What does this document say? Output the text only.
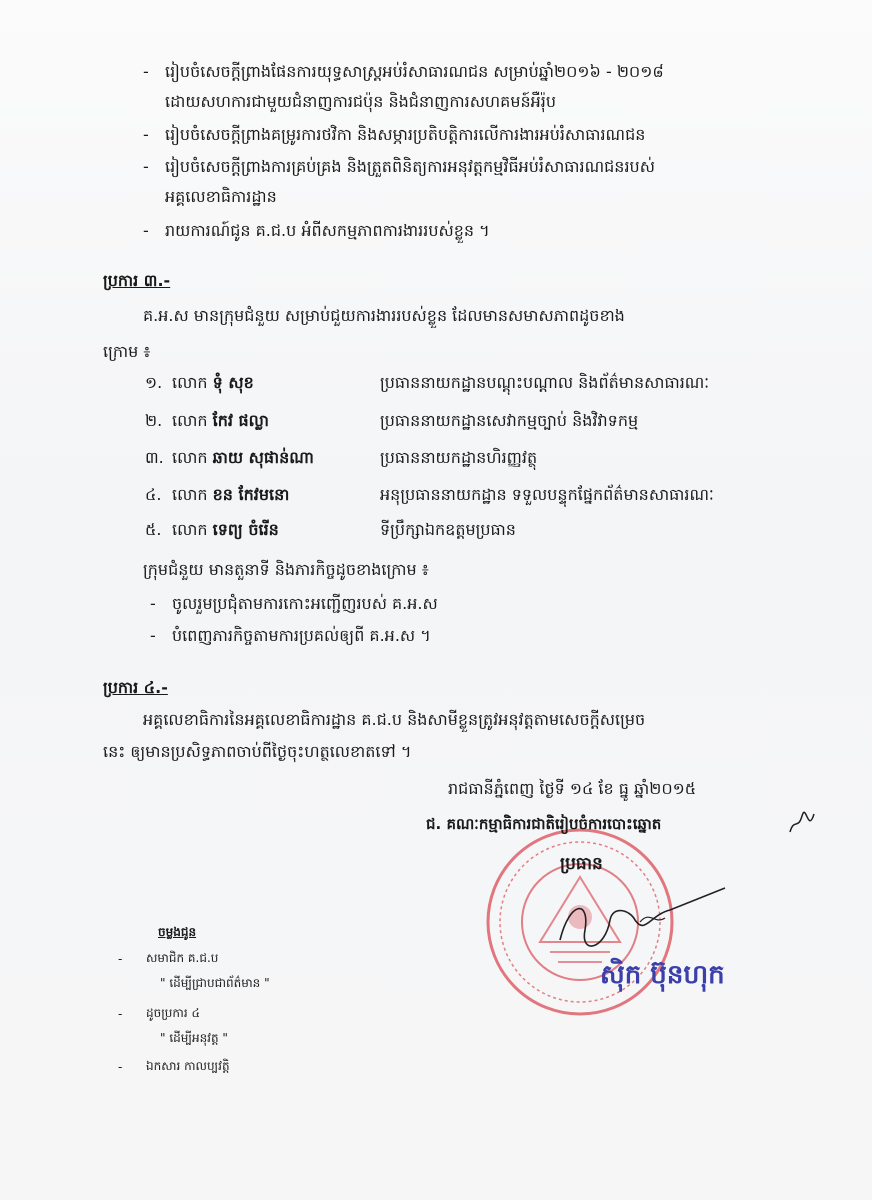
- រៀបចំសេចក្ដីព្រាងផែនការយុទ្ធសាស្ត្រអប់រំសាធារណជន សម្រាប់ឆ្នាំ២០១៦ - ២០១៨
ដោយសហការជាមួយជំនាញការជប៉ុន និងជំនាញការសហគមន៍អឺរ៉ុប
- រៀបចំសេចក្ដីព្រាងគម្រូរការថវិកា និងសម្ភារប្រតិបត្តិការលើការងារអប់រំសាធារណជន
- រៀបចំសេចក្ដីព្រាងការគ្រប់គ្រង និងត្រួតពិនិត្យការអនុវត្តកម្មវិធីអប់រំសាធារណជនរបស់
អគ្គលេខាធិការដ្ឋាន
- រាយការណ៍ជូន គ.ជ.ប អំពីសកម្មភាពការងាររបស់ខ្លួន ។
ប្រការ ៣.-
គ.អ.ស មានក្រុមជំនួយ សម្រាប់ជួយការងាររបស់ខ្លួន ដែលមានសមាសភាពដូចខាង
ក្រោម ៖
១. លោក ទុំ សុខ	ប្រធាននាយកដ្ឋានបណ្ដុះបណ្ដាល និងព័ត៌មានសាធារណៈ
២. លោក កែវ ផល្លា	ប្រធាននាយកដ្ឋានសេវាកម្មច្បាប់ និងវិវាទកម្ម
៣. លោក ឆាយ សុផាន់ណា	ប្រធាននាយកដ្ឋានហិរញ្ញវត្ថុ
៤. លោក ខន កែវមនោ	អនុប្រធាននាយកដ្ឋាន ទទួលបន្ទុកផ្នែកព័ត៌មានសាធារណៈ
៥. លោក ទេព្យ ចំរើន	ទីប្រឹក្សាឯកឧត្ដមប្រធាន
ក្រុមជំនួយ មានតួនាទី និងភារកិច្ចដូចខាងក្រោម ៖
- ចូលរួមប្រជុំតាមការកោះអញ្ជើញរបស់ គ.អ.ស
- បំពេញភារកិច្ចតាមការប្រគល់ឲ្យពី គ.អ.ស ។
ប្រការ ៤.-
អគ្គលេខាធិការនៃអគ្គលេខាធិការដ្ឋាន គ.ជ.ប និងសាមីខ្លួនត្រូវអនុវត្តតាមសេចក្ដីសម្រេច
នេះ ឲ្យមានប្រសិទ្ធភាពចាប់ពីថ្ងៃចុះហត្ថលេខាតទៅ ។
រាជធានីភ្នំពេញ ថ្ងៃទី ១៤ ខែ ធ្នូ ឆ្នាំ២០១៥
ជ. គណៈកម្មាធិការជាតិរៀបចំការបោះឆ្នោត
ប្រធាន
ស៊ិក ប៊ុនហុក
ចម្លងជូន
- សមាជិក គ.ជ.ប
" ដើម្បីជ្រាបជាព័ត៌មាន "
- ដូចប្រការ ៤
" ដើម្បីអនុវត្ត "
- ឯកសារ កាលប្បវត្តិ
